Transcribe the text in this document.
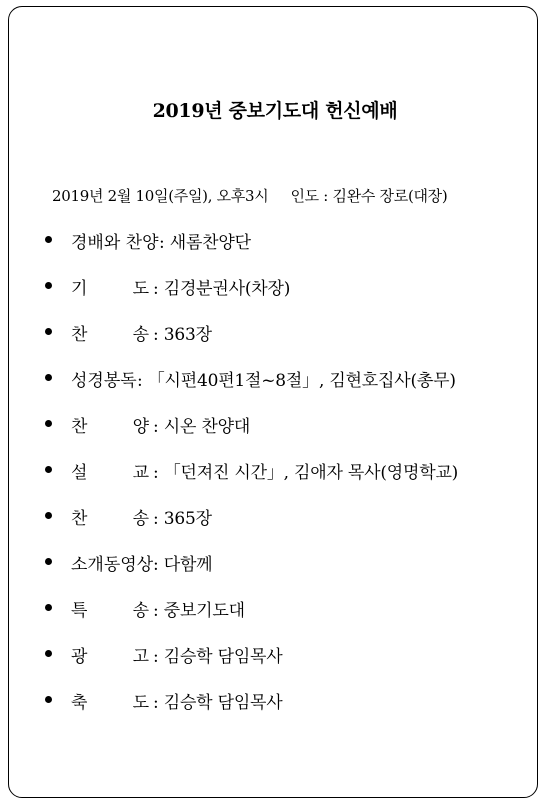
2019년 중보기도대 헌신예배
2019년 2월 10일(주일), 오후3시 인도 : 김완수 장로(대장)
경배와 찬양 : 새롬찬양단
기	도 : 김경분권사(차장)
찬	송 : 363장
성경봉독 : 「시편40편1절~8절」, 김현호집사(총무)
찬	양 : 시온 찬양대
설	교 : 「던져진 시간」, 김애자 목사(영명학교)
찬	송 : 365장
소개동영상 : 다함께
특	송 : 중보기도대
광	고 : 김승학 담임목사
축	도 : 김승학 담임목사
